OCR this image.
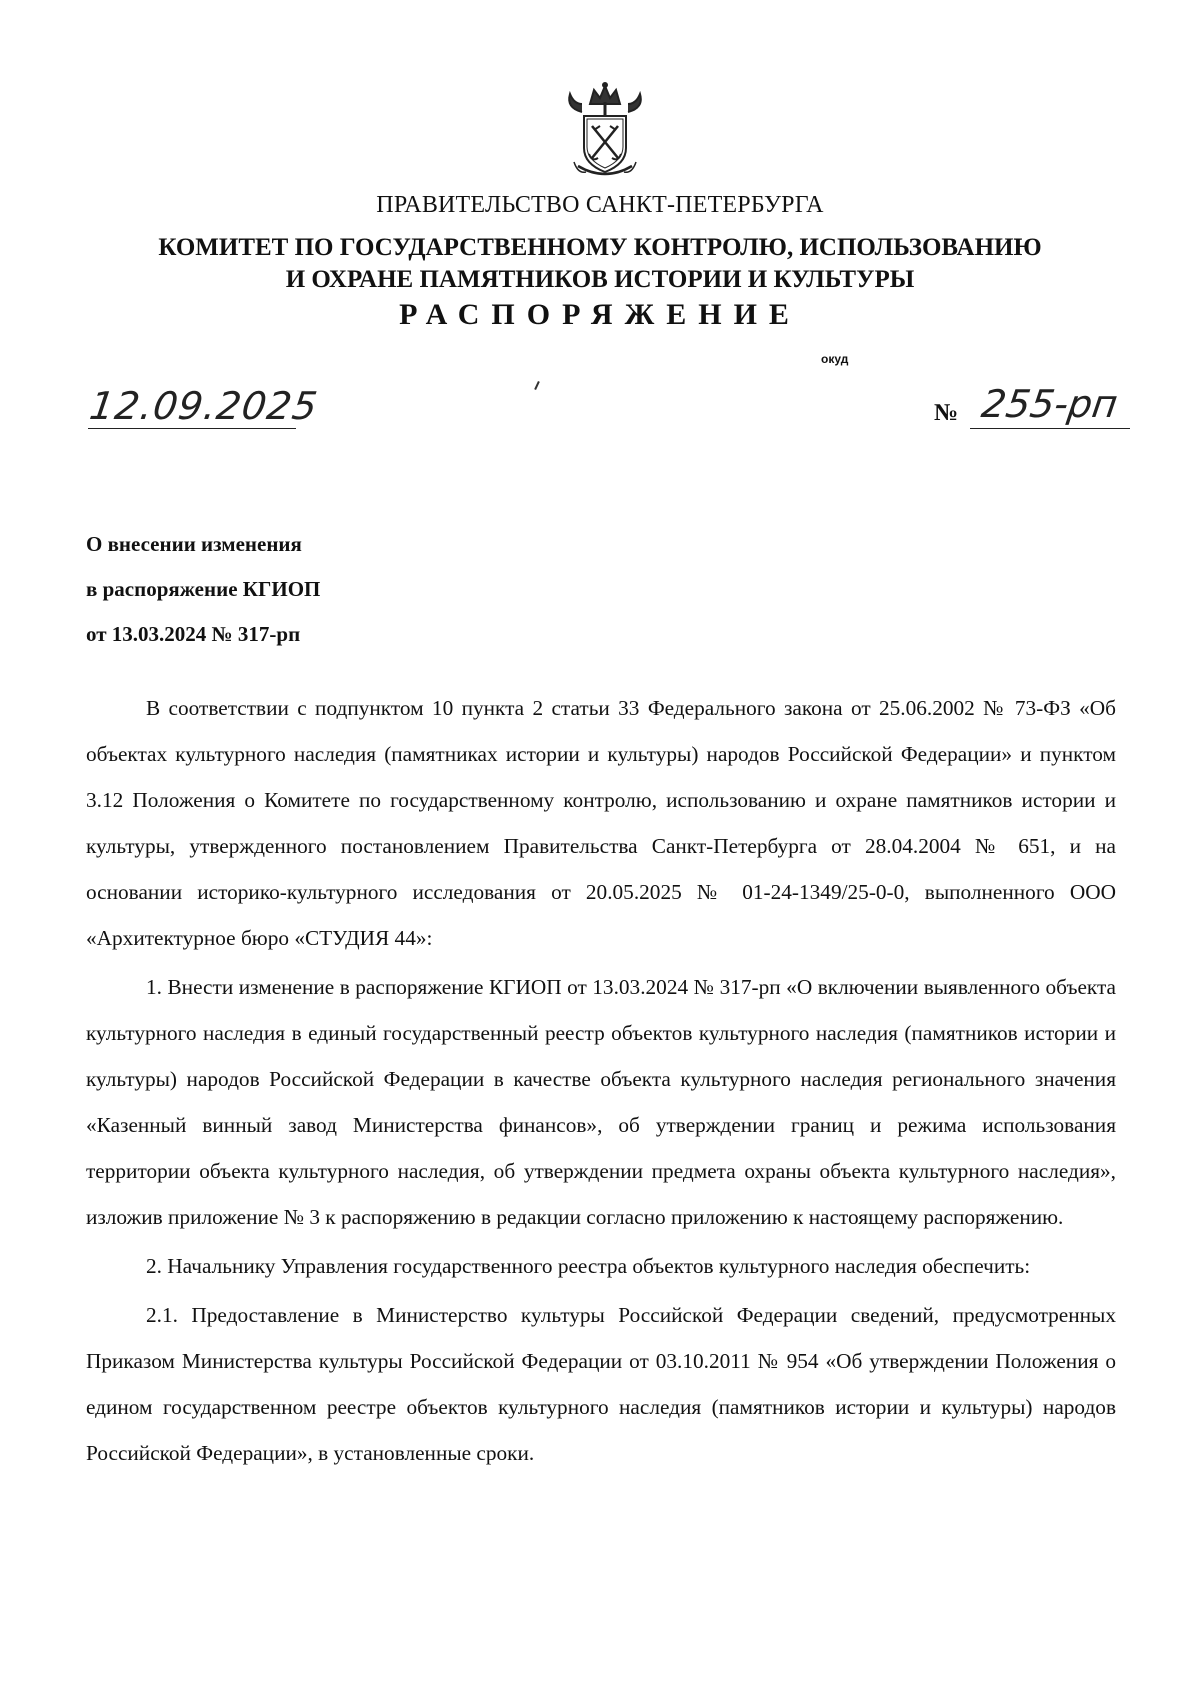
ПРАВИТЕЛЬСТВО САНКТ-ПЕТЕРБУРГА
КОМИТЕТ ПО ГОСУДАРСТВЕННОМУ КОНТРОЛЮ, ИСПОЛЬЗОВАНИЮ
И ОХРАНЕ ПАМЯТНИКОВ ИСТОРИИ И КУЛЬТУРЫ
РАСПОРЯЖЕНИЕ
окуд
12.09.2025	№ 255-рп
О внесении изменения
в распоряжение КГИОП
от 13.03.2024 № 317-рп

В соответствии с подпунктом 10 пункта 2 статьи 33 Федерального закона от 25.06.2002 № 73-ФЗ «Об объектах культурного наследия (памятниках истории и культуры) народов Российской Федерации» и пунктом 3.12 Положения о Комитете по государственному контролю, использованию и охране памятников истории и культуры, утвержденного постановлением Правительства Санкт-Петербурга от 28.04.2004 № 651, и на основании историко-культурного исследования от 20.05.2025 № 01-24-1349/25-0-0, выполненного ООО «Архитектурное бюро «СТУДИЯ 44»:

1. Внести изменение в распоряжение КГИОП от 13.03.2024 № 317-рп «О включении выявленного объекта культурного наследия в единый государственный реестр объектов культурного наследия (памятников истории и культуры) народов Российской Федерации в качестве объекта культурного наследия регионального значения «Казенный винный завод Министерства финансов», об утверждении границ и режима использования территории объекта культурного наследия, об утверждении предмета охраны объекта культурного наследия», изложив приложение № 3 к распоряжению в редакции согласно приложению к настоящему распоряжению.

2. Начальнику Управления государственного реестра объектов культурного наследия обеспечить:

2.1. Предоставление в Министерство культуры Российской Федерации сведений, предусмотренных Приказом Министерства культуры Российской Федерации от 03.10.2011 № 954 «Об утверждении Положения о едином государственном реестре объектов культурного наследия (памятников истории и культуры) народов Российской Федерации», в установленные сроки.
